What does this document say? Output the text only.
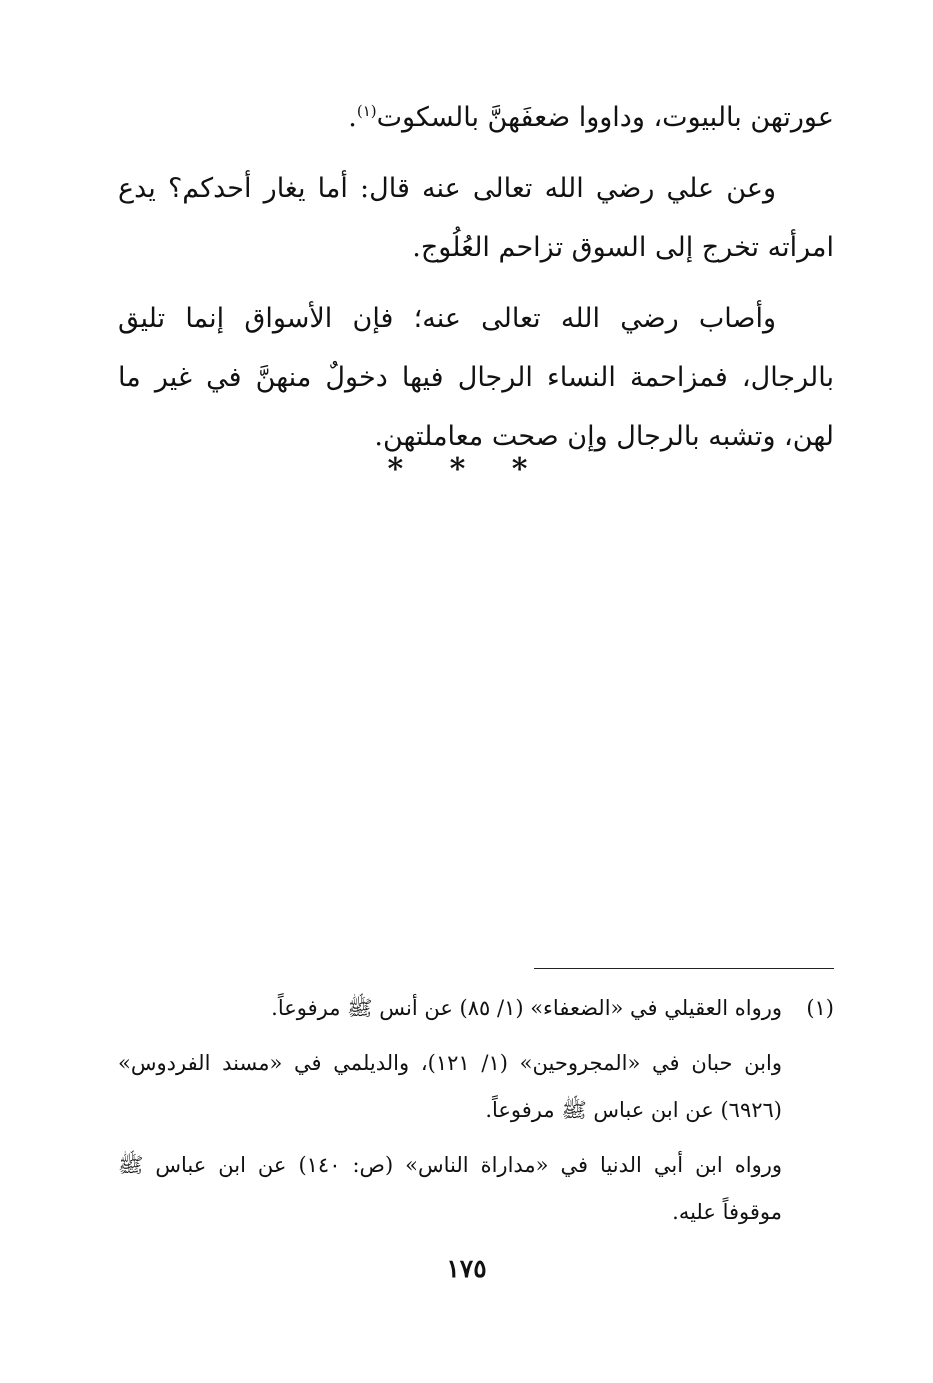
عورتهن بالبيوت، وداووا ضعفَهنَّ بالسكوت$^{(١)}$.

وعن علي رضي الله تعالى عنه قال: أما يغار أحدكم؟ يدع امرأته تخرج إلى السوق تزاحم العُلُوج.

وأصاب رضي الله تعالى عنه؛ فإن الأسواق إنما تليق بالرجال، فمزاحمة النساء الرجال فيها دخولٌ منهنَّ في غير ما لهن، وتشبه بالرجال وإن صحت معاملتهن.

* * *
(١)

ورواه العقيلي في «الضعفاء» (١/ ٨٥) عن أنس ﷺ مرفوعاً.

وابن حبان في «المجروحين» (١/ ١٢١)، والديلمي في «مسند الفردوس» (٦٩٢٦) عن ابن عباس ﷺ مرفوعاً.

ورواه ابن أبي الدنيا في «مداراة الناس» (ص: ١٤٠) عن ابن عباس ﷺ موقوفاً عليه.

١٧٥
